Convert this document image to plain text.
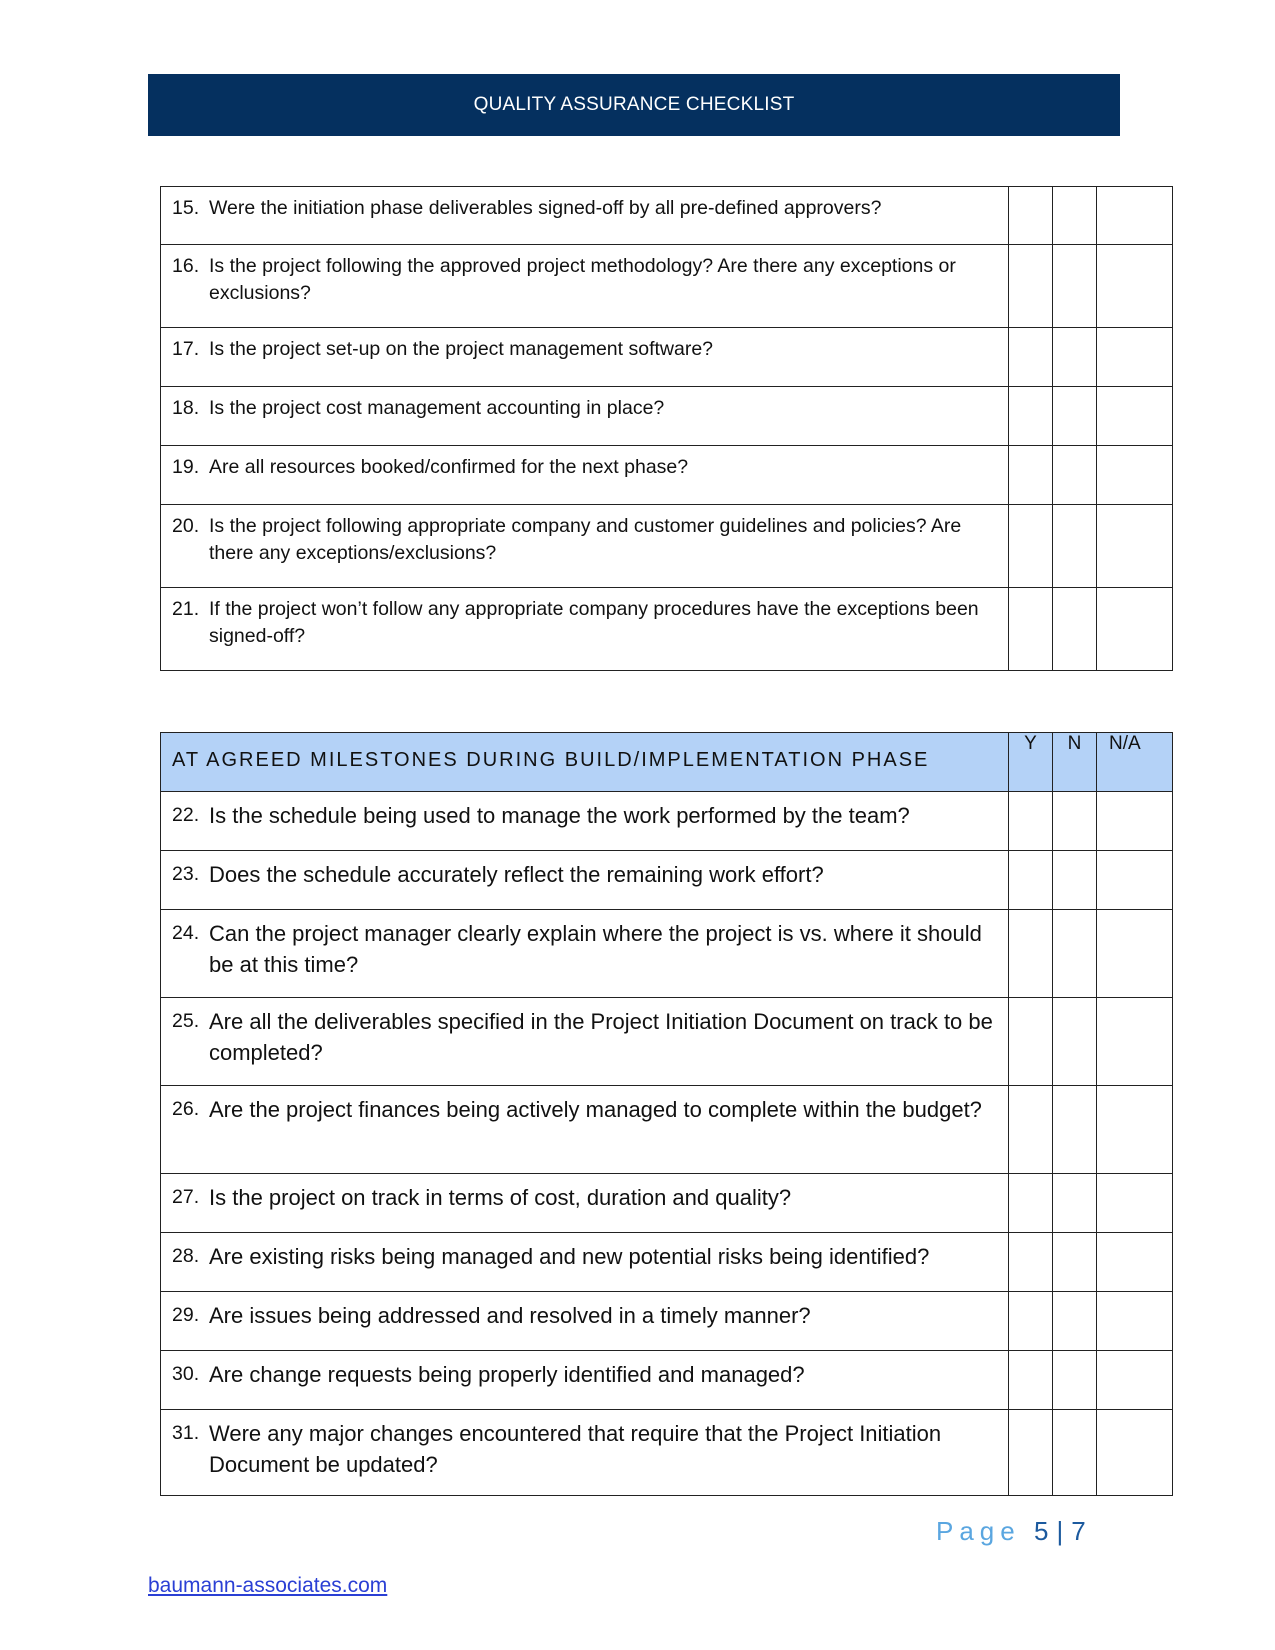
QUALITY ASSURANCE CHECKLIST
15. Were the initiation phase deliverables signed-off by all pre-defined approvers?			

16. Is the project following the approved project methodology? Are there any exceptions or exclusions?			

17. Is the project set-up on the project management software?			

18. Is the project cost management accounting in place?			

19. Are all resources booked/confirmed for the next phase?			

20. Is the project following appropriate company and customer guidelines and policies? Are there any exceptions/exclusions?			

21. If the project won’t follow any appropriate company procedures have the exceptions been signed-off?			

AT AGREED MILESTONES DURING BUILD/IMPLEMENTATION PHASE	Y	N	N/A

22. Is the schedule being used to manage the work performed by the team?			

23. Does the schedule accurately reflect the remaining work effort?			

24. Can the project manager clearly explain where the project is vs. where it should be at this time?			

25. Are all the deliverables specified in the Project Initiation Document on track to be completed?			

26. Are the project finances being actively managed to complete within the budget?			

27. Is the project on track in terms of cost, duration and quality?			

28. Are existing risks being managed and new potential risks being identified?			

29. Are issues being addressed and resolved in a timely manner?			

30. Are change requests being properly identified and managed?			

31. Were any major changes encountered that require that the Project Initiation Document be updated?			

Page 5 | 7
baumann-associates.com
